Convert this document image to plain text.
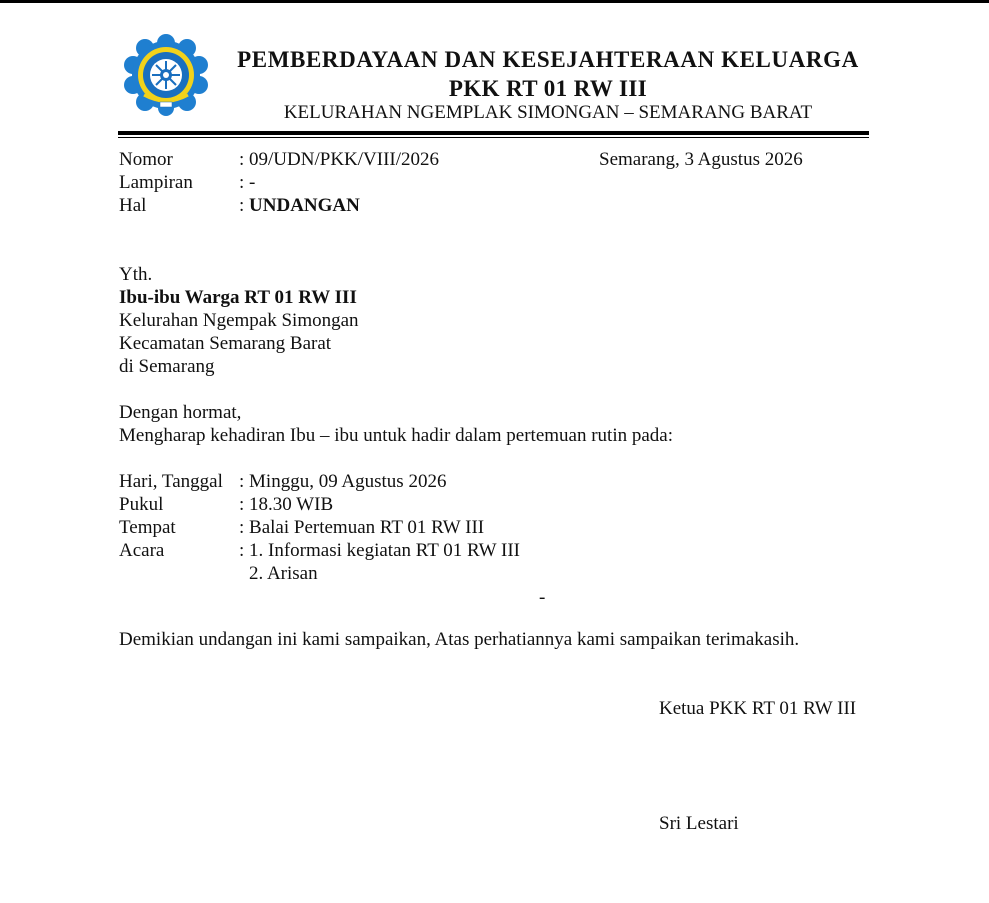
PEMBERDAYAAN DAN KESEJAHTERAAN KELUARGA
PKK RT 01 RW III
KELURAHAN NGEMPLAK SIMONGAN – SEMARANG BARAT
Nomor	: 09/UDN/PKK/VIII/2026	Semarang, 3 Agustus 2026
Lampiran : -
Hal	: UNDANGAN
Yth.
Ibu-ibu Warga RT 01 RW III
Kelurahan Ngempak Simongan
Kecamatan Semarang Barat
di Semarang
Dengan hormat,
Mengharap kehadiran Ibu – ibu untuk hadir dalam pertemuan rutin pada:
Hari, Tanggal : Minggu, 09 Agustus 2026
Pukul	: 18.30 WIB
Tempat	: Balai Pertemuan RT 01 RW III
Acara	: 1. Informasi kegiatan RT 01 RW III
2. Arisan
-
Demikian undangan ini kami sampaikan, Atas perhatiannya kami sampaikan terimakasih.
Ketua PKK RT 01 RW III
Sri Lestari
